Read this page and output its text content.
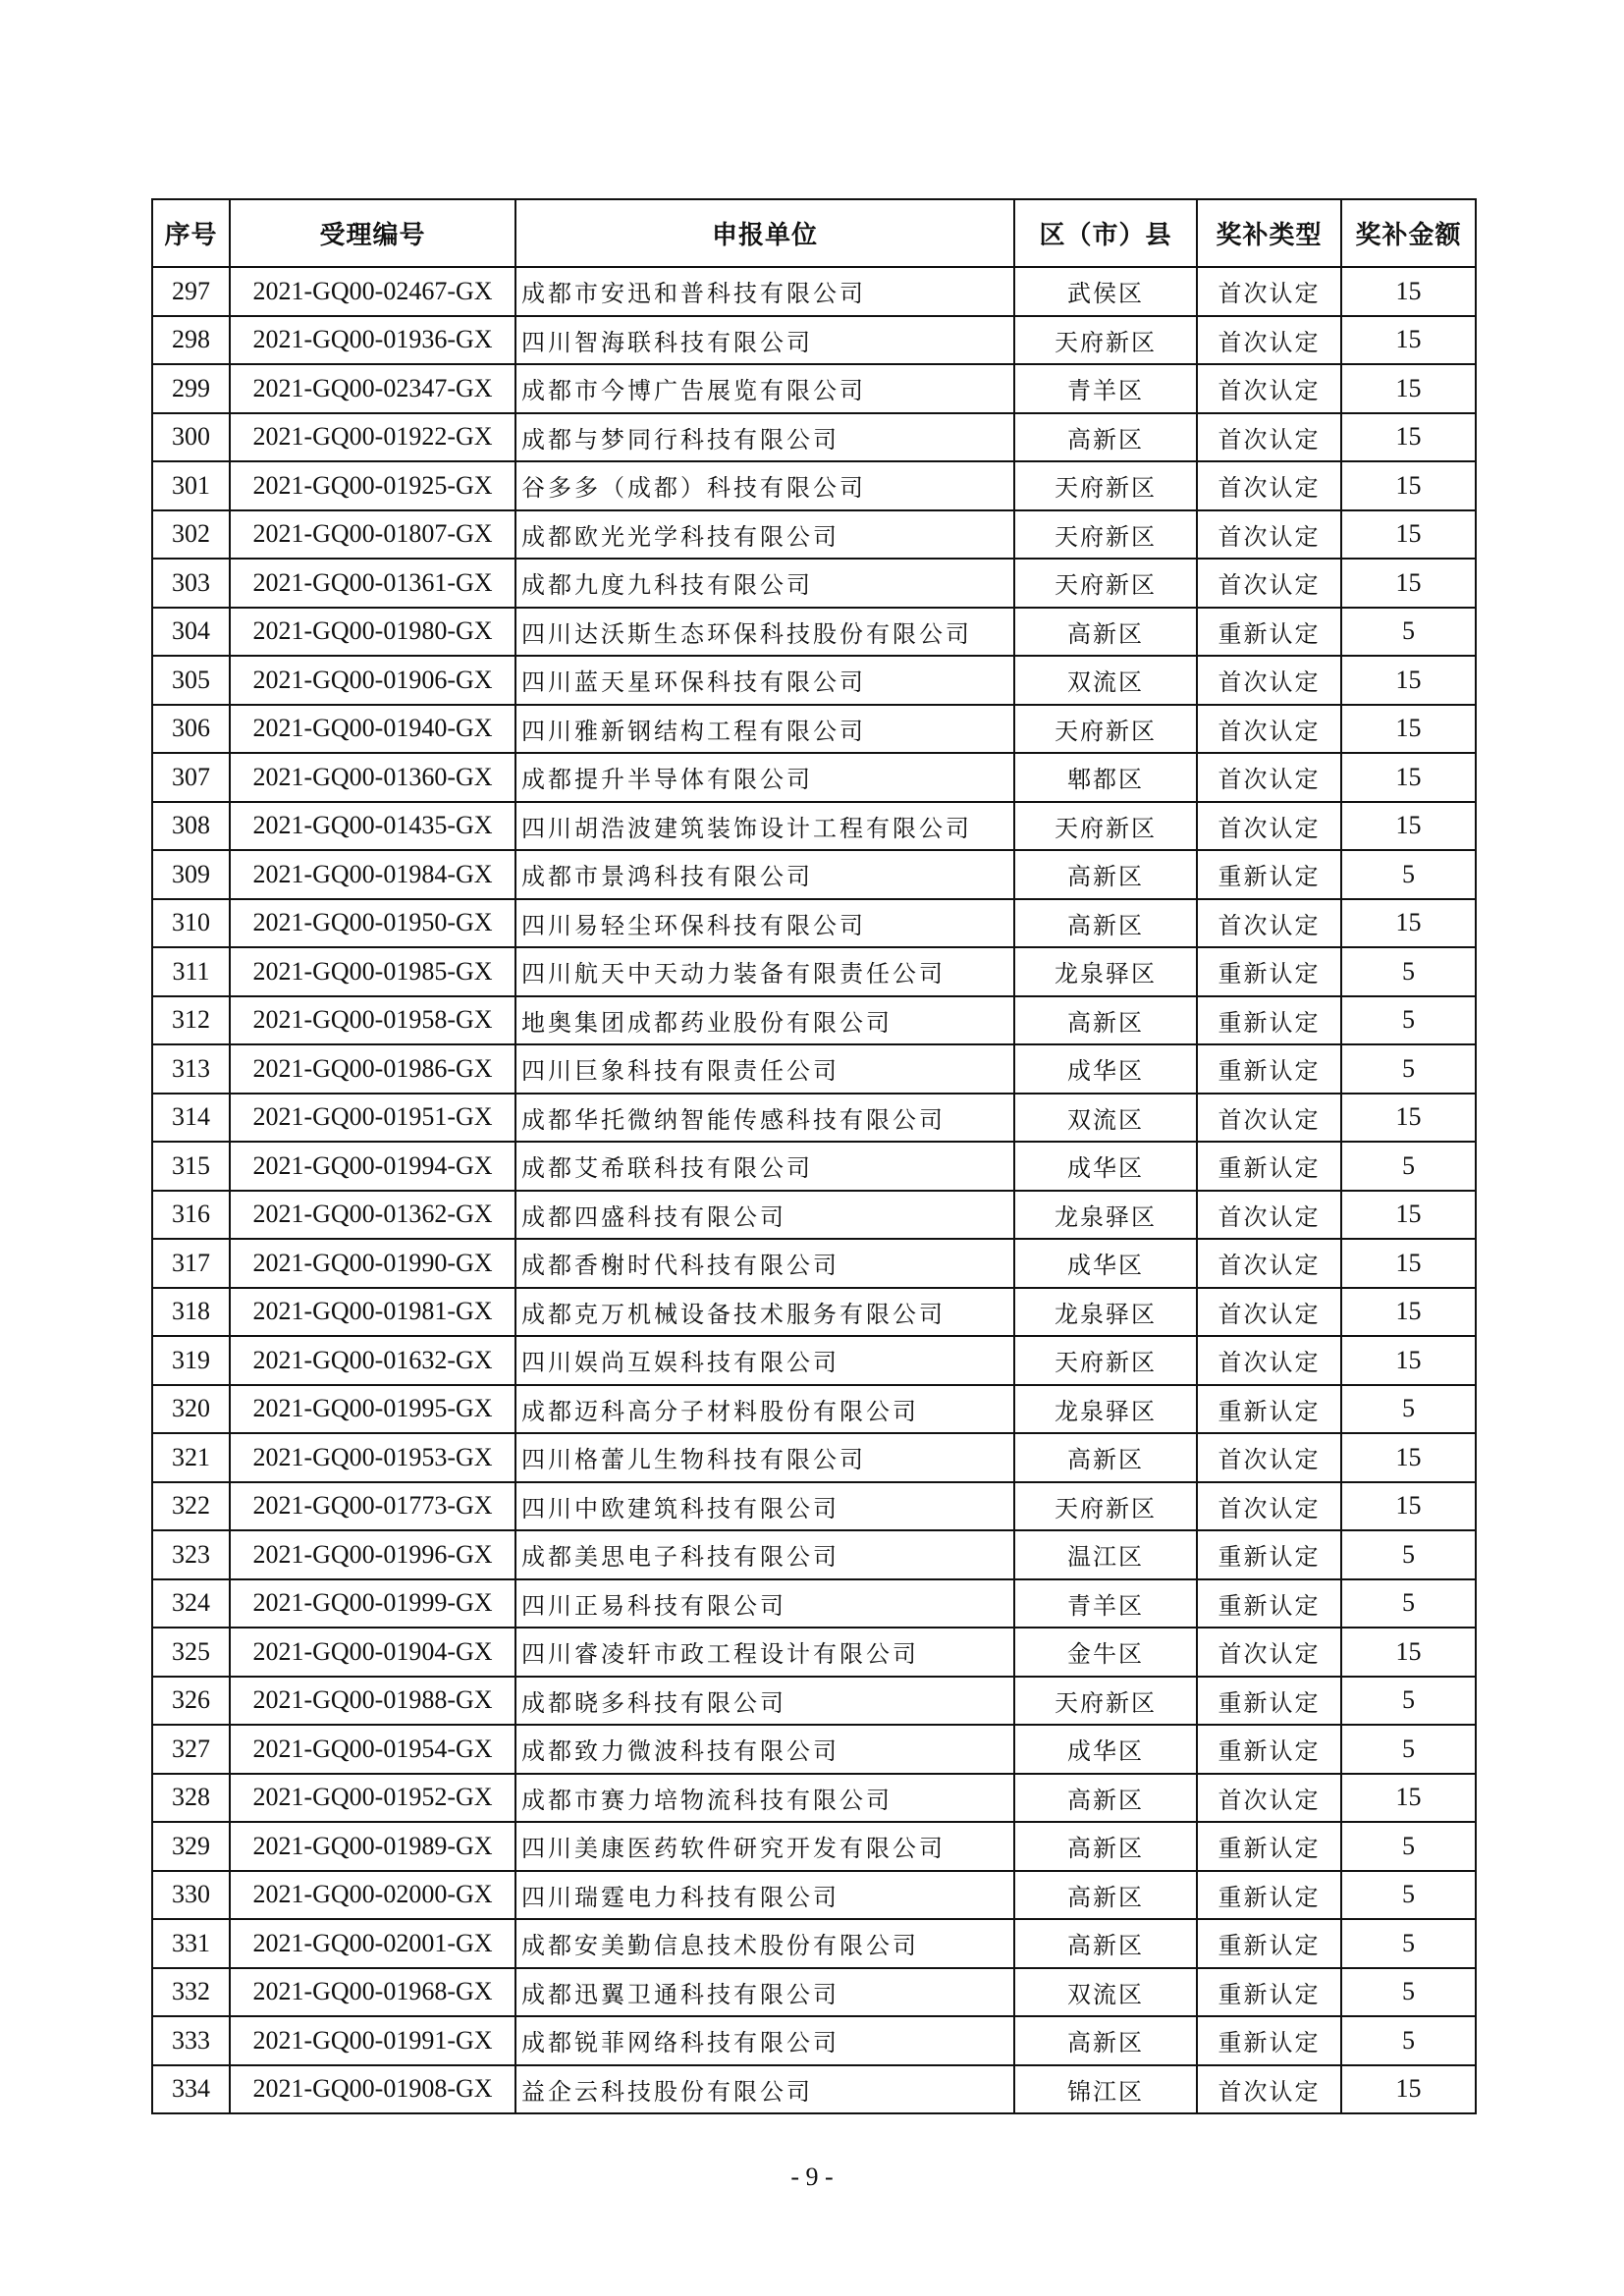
序号	受理编号	申报单位	区（市）县	奖补类型	奖补金额
297	2021-GQ00-02467-GX	成都市安迅和普科技有限公司	武侯区	首次认定	15
298	2021-GQ00-01936-GX	四川智海联科技有限公司	天府新区	首次认定	15
299	2021-GQ00-02347-GX	成都市今博广告展览有限公司	青羊区	首次认定	15
300	2021-GQ00-01922-GX	成都与梦同行科技有限公司	高新区	首次认定	15
301	2021-GQ00-01925-GX	谷多多（成都）科技有限公司	天府新区	首次认定	15
302	2021-GQ00-01807-GX	成都欧光光学科技有限公司	天府新区	首次认定	15
303	2021-GQ00-01361-GX	成都九度九科技有限公司	天府新区	首次认定	15
304	2021-GQ00-01980-GX	四川达沃斯生态环保科技股份有限公司	高新区	重新认定	5
305	2021-GQ00-01906-GX	四川蓝天星环保科技有限公司	双流区	首次认定	15
306	2021-GQ00-01940-GX	四川雅新钢结构工程有限公司	天府新区	首次认定	15
307	2021-GQ00-01360-GX	成都提升半导体有限公司	郫都区	首次认定	15
308	2021-GQ00-01435-GX	四川胡浩波建筑装饰设计工程有限公司	天府新区	首次认定	15
309	2021-GQ00-01984-GX	成都市景鸿科技有限公司	高新区	重新认定	5
310	2021-GQ00-01950-GX	四川易轻尘环保科技有限公司	高新区	首次认定	15
311	2021-GQ00-01985-GX	四川航天中天动力装备有限责任公司	龙泉驿区	重新认定	5
312	2021-GQ00-01958-GX	地奥集团成都药业股份有限公司	高新区	重新认定	5
313	2021-GQ00-01986-GX	四川巨象科技有限责任公司	成华区	重新认定	5
314	2021-GQ00-01951-GX	成都华托微纳智能传感科技有限公司	双流区	首次认定	15
315	2021-GQ00-01994-GX	成都艾希联科技有限公司	成华区	重新认定	5
316	2021-GQ00-01362-GX	成都四盛科技有限公司	龙泉驿区	首次认定	15
317	2021-GQ00-01990-GX	成都香榭时代科技有限公司	成华区	首次认定	15
318	2021-GQ00-01981-GX	成都克万机械设备技术服务有限公司	龙泉驿区	首次认定	15
319	2021-GQ00-01632-GX	四川娱尚互娱科技有限公司	天府新区	首次认定	15
320	2021-GQ00-01995-GX	成都迈科高分子材料股份有限公司	龙泉驿区	重新认定	5
321	2021-GQ00-01953-GX	四川格蕾儿生物科技有限公司	高新区	首次认定	15
322	2021-GQ00-01773-GX	四川中欧建筑科技有限公司	天府新区	首次认定	15
323	2021-GQ00-01996-GX	成都美思电子科技有限公司	温江区	重新认定	5
324	2021-GQ00-01999-GX	四川正易科技有限公司	青羊区	重新认定	5
325	2021-GQ00-01904-GX	四川睿凌轩市政工程设计有限公司	金牛区	首次认定	15
326	2021-GQ00-01988-GX	成都晓多科技有限公司	天府新区	重新认定	5
327	2021-GQ00-01954-GX	成都致力微波科技有限公司	成华区	重新认定	5
328	2021-GQ00-01952-GX	成都市赛力培物流科技有限公司	高新区	首次认定	15
329	2021-GQ00-01989-GX	四川美康医药软件研究开发有限公司	高新区	重新认定	5
330	2021-GQ00-02000-GX	四川瑞霆电力科技有限公司	高新区	重新认定	5
331	2021-GQ00-02001-GX	成都安美勤信息技术股份有限公司	高新区	重新认定	5
332	2021-GQ00-01968-GX	成都迅翼卫通科技有限公司	双流区	重新认定	5
333	2021-GQ00-01991-GX	成都锐菲网络科技有限公司	高新区	重新认定	5
334	2021-GQ00-01908-GX	益企云科技股份有限公司	锦江区	首次认定	15
- 9 -
